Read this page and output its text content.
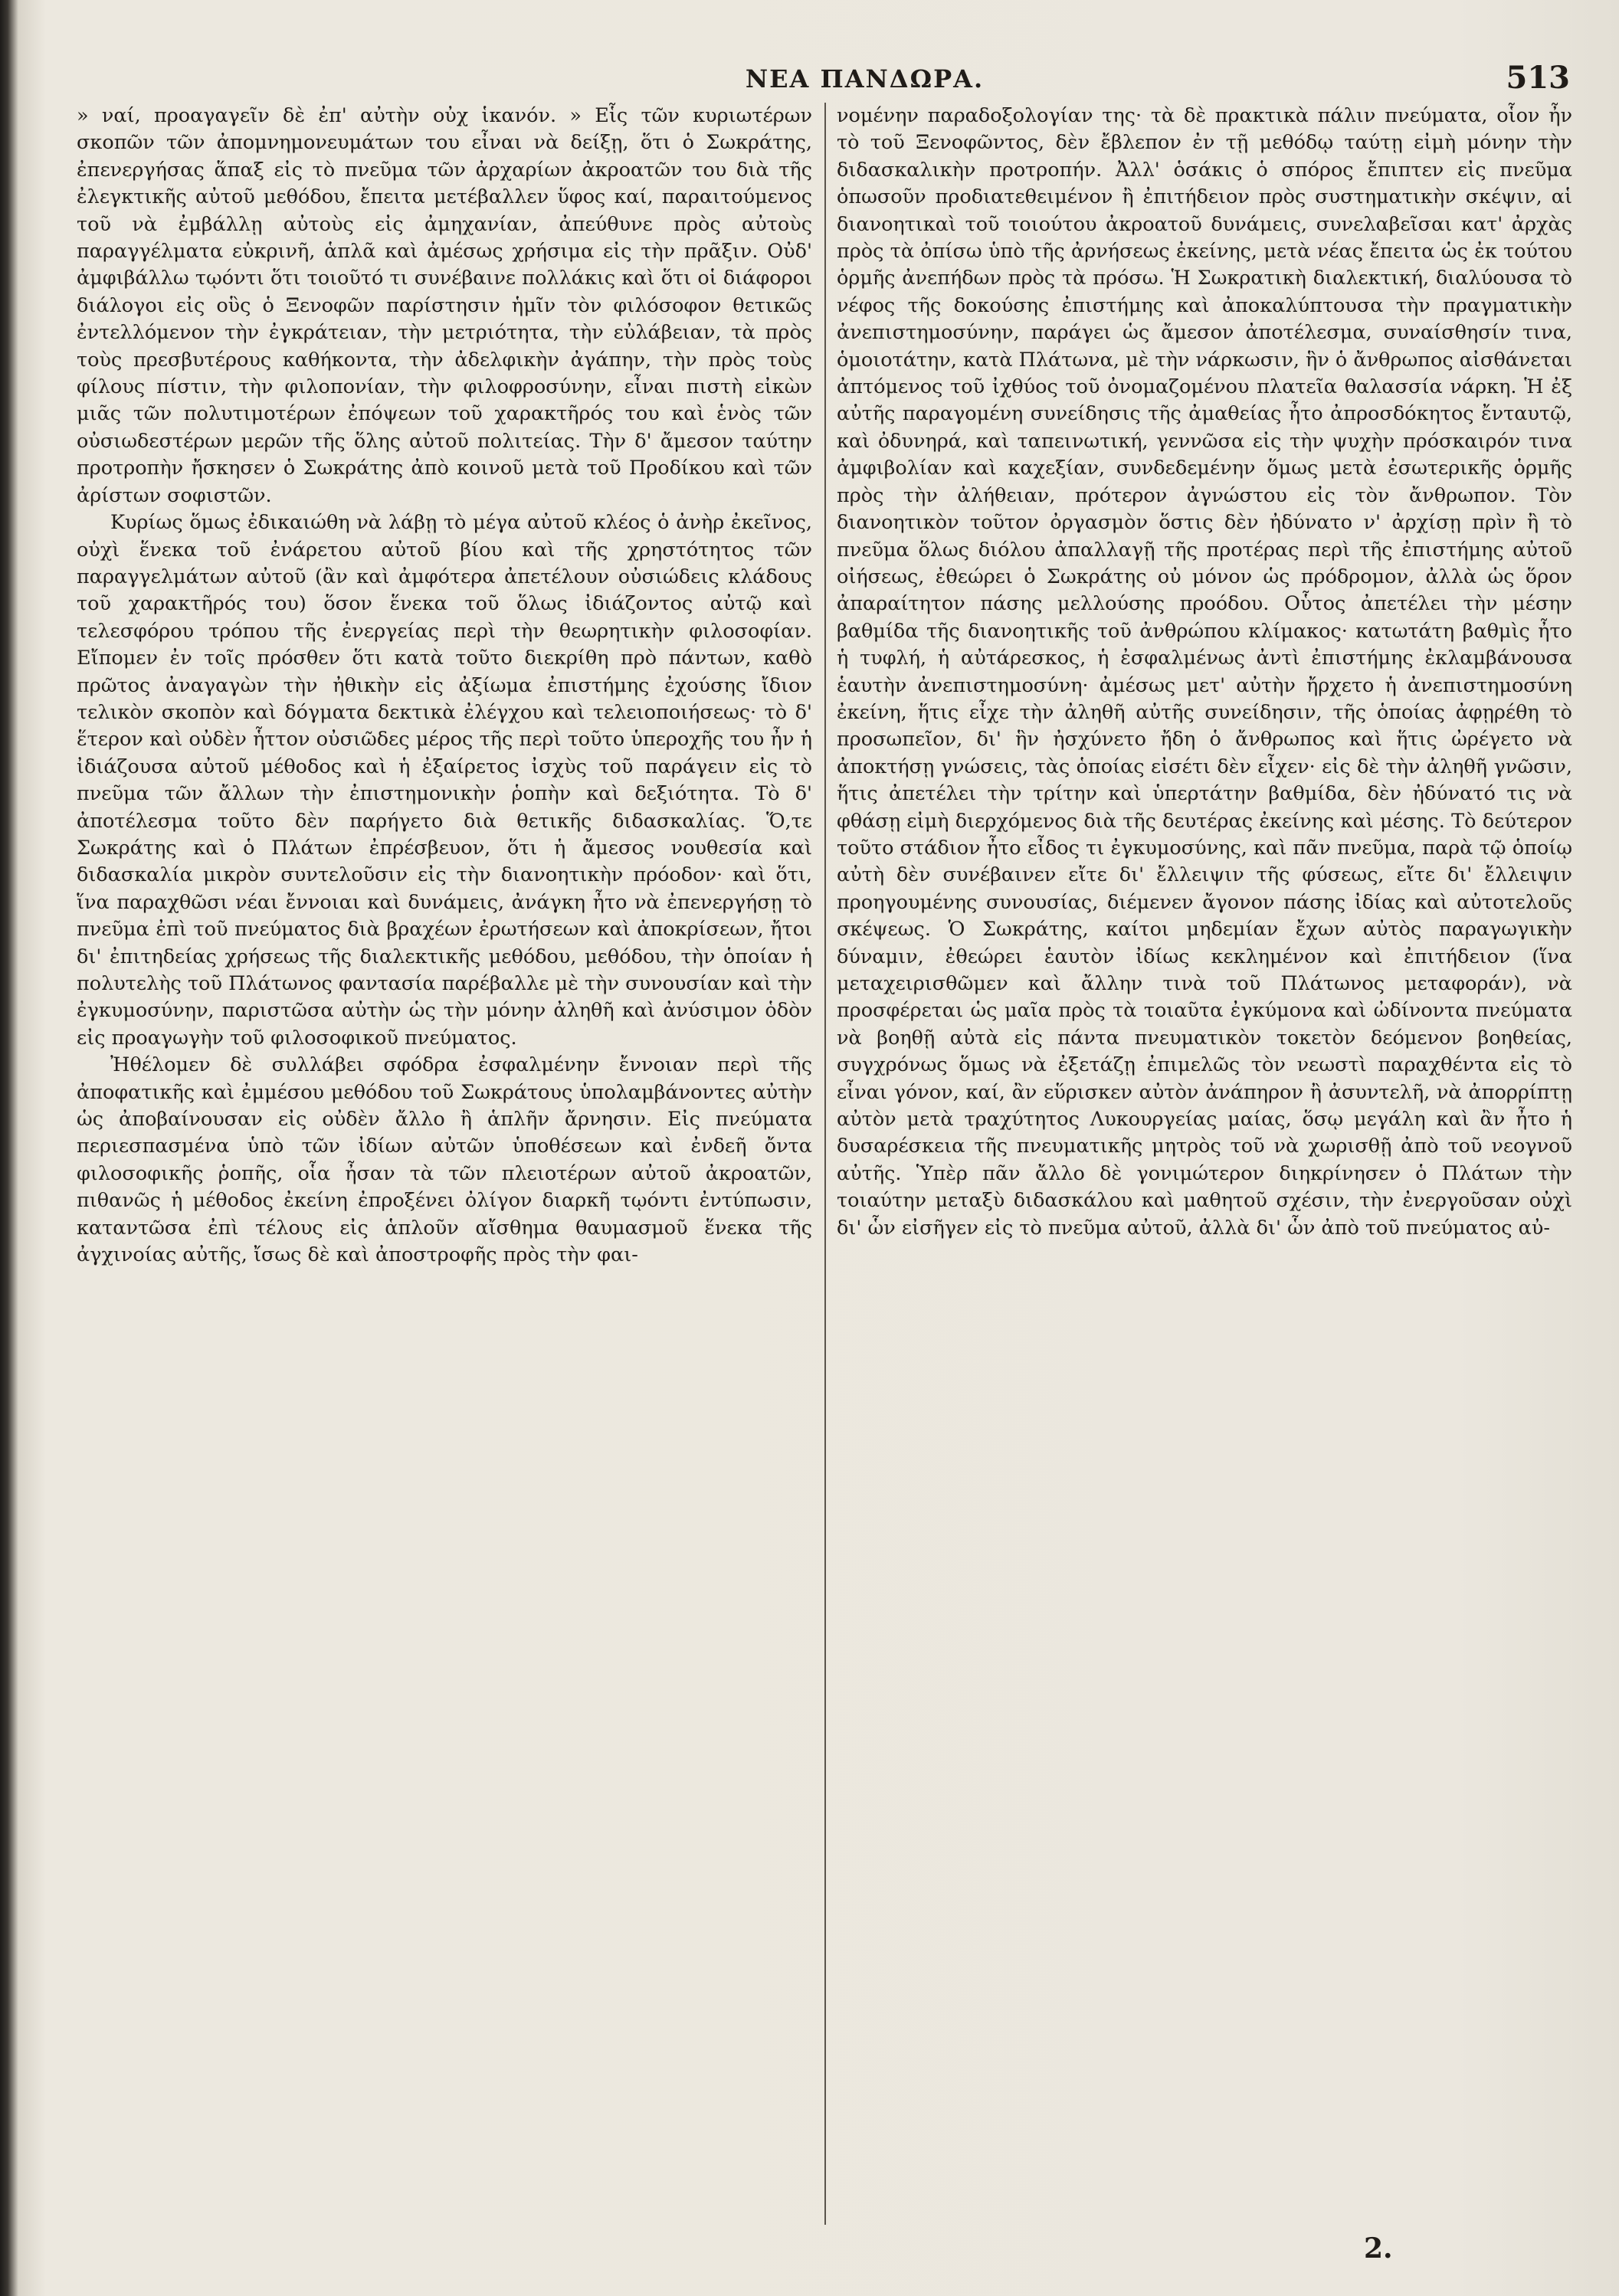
ΝΕΑ ΠΑΝΔΩΡΑ.	513

» ναί, προαγαγεῖν δὲ ἐπ' αὐτὴν οὐχ ἱκανόν. » Εἷς τῶν κυριωτέρων σκοπῶν τῶν ἀπομνημονευμάτων του εἶναι νὰ δείξῃ, ὅτι ὁ Σωκράτης, ἐπενεργήσας ἅπαξ εἰς τὸ πνεῦμα τῶν ἀρχαρίων ἀκροατῶν του διὰ τῆς ἐλεγκτικῆς αὐτοῦ μεθόδου, ἔπειτα μετέβαλλεν ὕφος καί, παραιτούμενος τοῦ νὰ ἐμβάλλῃ αὐτοὺς εἰς ἀμηχανίαν, ἀπεύθυνε πρὸς αὐτοὺς παραγγέλματα εὐκρινῆ, ἁπλᾶ καὶ ἀμέσως χρήσιμα εἰς τὴν πρᾶξιν. Οὐδ' ἀμφιβάλλω τῳόντι ὅτι τοιοῦτό τι συνέβαινε πολλάκις καὶ ὅτι οἱ διάφοροι διάλογοι εἰς οὓς ὁ Ξενοφῶν παρίστησιν ἡμῖν τὸν φιλόσοφον θετικῶς ἐντελλόμενον τὴν ἐγκράτειαν, τὴν μετριότητα, τὴν εὐλάβειαν, τὰ πρὸς τοὺς πρεσβυτέρους καθήκοντα, τὴν ἀδελφικὴν ἀγάπην, τὴν πρὸς τοὺς φίλους πίστιν, τὴν φιλοπονίαν, τὴν φιλοφροσύνην, εἶναι πιστὴ εἰκὼν μιᾶς τῶν πολυτιμοτέρων ἐπόψεων τοῦ χαρακτῆρός του καὶ ἑνὸς τῶν οὐσιωδεστέρων μερῶν τῆς ὅλης αὐτοῦ πολιτείας. Τὴν δ' ἄμεσον ταύτην προτροπὴν ἤσκησεν ὁ Σωκράτης ἀπὸ κοινοῦ μετὰ τοῦ Προδίκου καὶ τῶν ἀρίστων σοφιστῶν.

Κυρίως ὅμως ἐδικαιώθη νὰ λάβῃ τὸ μέγα αὐτοῦ κλέος ὁ ἀνὴρ ἐκεῖνος, οὐχὶ ἕνεκα τοῦ ἐνάρετου αὐτοῦ βίου καὶ τῆς χρηστότητος τῶν παραγγελμάτων αὐτοῦ (ἂν καὶ ἀμφότερα ἀπετέλουν οὐσιώδεις κλάδους τοῦ χαρακτῆρός του) ὅσον ἕνεκα τοῦ ὅλως ἰδιάζοντος αὐτῷ καὶ τελεσφόρου τρόπου τῆς ἐνεργείας περὶ τὴν θεωρητικὴν φιλοσοφίαν. Εἴπομεν ἐν τοῖς πρόσθεν ὅτι κατὰ τοῦτο διεκρίθη πρὸ πάντων, καθὸ πρῶτος ἀναγαγὼν τὴν ἠθικὴν εἰς ἀξίωμα ἐπιστήμης ἐχούσης ἴδιον τελικὸν σκοπὸν καὶ δόγματα δεκτικὰ ἐλέγχου καὶ τελειοποιήσεως· τὸ δ' ἕτερον καὶ οὐδὲν ἧττον οὐσιῶδες μέρος τῆς περὶ τοῦτο ὑπεροχῆς του ἦν ἡ ἰδιάζουσα αὐτοῦ μέθοδος καὶ ἡ ἐξαίρετος ἰσχὺς τοῦ παράγειν εἰς τὸ πνεῦμα τῶν ἄλλων τὴν ἐπιστημονικὴν ῥοπὴν καὶ δεξιότητα. Τὸ δ' ἀποτέλεσμα τοῦτο δὲν παρήγετο διὰ θετικῆς διδασκαλίας. Ὅ,τε Σωκράτης καὶ ὁ Πλάτων ἐπρέσβευον, ὅτι ἡ ἄμεσος νουθεσία καὶ διδασκαλία μικρὸν συντελοῦσιν εἰς τὴν διανοητικὴν πρόοδον· καὶ ὅτι, ἵνα παραχθῶσι νέαι ἔννοιαι καὶ δυνάμεις, ἀνάγκη ἦτο νὰ ἐπενεργήσῃ τὸ πνεῦμα ἐπὶ τοῦ πνεύματος διὰ βραχέων ἐρωτήσεων καὶ ἀποκρίσεων, ἤτοι δι' ἐπιτηδείας χρήσεως τῆς διαλεκτικῆς μεθόδου, μεθόδου, τὴν ὁποίαν ἡ πολυτελὴς τοῦ Πλάτωνος φαντασία παρέβαλλε μὲ τὴν συνουσίαν καὶ τὴν ἐγκυμοσύνην, παριστῶσα αὐτὴν ὡς τὴν μόνην ἀληθῆ καὶ ἀνύσιμον ὁδὸν εἰς προαγωγὴν τοῦ φιλοσοφικοῦ πνεύματος.

Ἠθέλομεν δὲ συλλάβει σφόδρα ἐσφαλμένην ἔννοιαν περὶ τῆς ἀποφατικῆς καὶ ἐμμέσου μεθόδου τοῦ Σωκράτους ὑπολαμβάνοντες αὐτὴν ὡς ἀποβαίνουσαν εἰς οὐδὲν ἄλλο ἢ ἁπλῆν ἄρνησιν. Εἰς πνεύματα περιεσπασμένα ὑπὸ τῶν ἰδίων αὐτῶν ὑποθέσεων καὶ ἐνδεῆ ὄντα φιλοσοφικῆς ῥοπῆς, οἷα ἦσαν τὰ τῶν πλειοτέρων αὐτοῦ ἀκροατῶν, πιθανῶς ἡ μέθοδος ἐκείνη ἐπροξένει ὀλίγον διαρκῆ τῳόντι ἐντύπωσιν, καταντῶσα ἐπὶ τέλους εἰς ἁπλοῦν αἴσθημα θαυμασμοῦ ἕνεκα τῆς ἀγχινοίας αὐτῆς, ἴσως δὲ καὶ ἀποστροφῆς πρὸς τὴν φαι-

νομένην παραδοξολογίαν της· τὰ δὲ πρακτικὰ πάλιν πνεύματα, οἷον ἦν τὸ τοῦ Ξενοφῶντος, δὲν ἔβλεπον ἐν τῇ μεθόδῳ ταύτῃ εἰμὴ μόνην τὴν διδασκαλικὴν προτροπήν. Ἀλλ' ὁσάκις ὁ σπόρος ἔπιπτεν εἰς πνεῦμα ὁπωσοῦν προδιατεθειμένον ἢ ἐπιτήδειον πρὸς συστηματικὴν σκέψιν, αἱ διανοητικαὶ τοῦ τοιούτου ἀκροατοῦ δυνάμεις, συνελαβεῖσαι κατ' ἀρχὰς πρὸς τὰ ὀπίσω ὑπὸ τῆς ἀρνήσεως ἐκείνης, μετὰ νέας ἔπειτα ὡς ἐκ τούτου ὁρμῆς ἀνεπήδων πρὸς τὰ πρόσω. Ἡ Σωκρατικὴ διαλεκτική, διαλύουσα τὸ νέφος τῆς δοκούσης ἐπιστήμης καὶ ἀποκαλύπτουσα τὴν πραγματικὴν ἀνεπιστημοσύνην, παράγει ὡς ἄμεσον ἀποτέλεσμα, συναίσθησίν τινα, ὁμοιοτάτην, κατὰ Πλάτωνα, μὲ τὴν νάρκωσιν, ἣν ὁ ἄνθρωπος αἰσθάνεται ἀπτόμενος τοῦ ἰχθύος τοῦ ὀνομαζομένου πλατεῖα θαλασσία νάρκη. Ἡ ἐξ αὐτῆς παραγομένη συνείδησις τῆς ἀμαθείας ἦτο ἀπροσδόκητος ἔνταυτῷ, καὶ ὀδυνηρά, καὶ ταπεινωτική, γεννῶσα εἰς τὴν ψυχὴν πρόσκαιρόν τινα ἀμφιβολίαν καὶ καχεξίαν, συνδεδεμένην ὅμως μετὰ ἐσωτερικῆς ὁρμῆς πρὸς τὴν ἀλήθειαν, πρότερον ἀγνώστου εἰς τὸν ἄνθρωπον. Τὸν διανοητικὸν τοῦτον ὀργασμὸν ὅστις δὲν ἠδύνατο ν' ἀρχίσῃ πρὶν ἢ τὸ πνεῦμα ὅλως διόλου ἀπαλλαγῇ τῆς προτέρας περὶ τῆς ἐπιστήμης αὐτοῦ οἰήσεως, ἐθεώρει ὁ Σωκράτης οὐ μόνον ὡς πρόδρομον, ἀλλὰ ὡς ὅρον ἀπαραίτητον πάσης μελλούσης προόδου. Οὗτος ἀπετέλει τὴν μέσην βαθμίδα τῆς διανοητικῆς τοῦ ἀνθρώπου κλίμακος· κατωτάτη βαθμὶς ἦτο ἡ τυφλή, ἡ αὐτάρεσκος, ἡ ἐσφαλμένως ἀντὶ ἐπιστήμης ἐκλαμβάνουσα ἑαυτὴν ἀνεπιστημοσύνη· ἀμέσως μετ' αὐτὴν ἤρχετο ἡ ἀνεπιστημοσύνη ἐκείνη, ἥτις εἶχε τὴν ἀληθῆ αὐτῆς συνείδησιν, τῆς ὁποίας ἀφῃρέθη τὸ προσωπεῖον, δι' ἣν ἠσχύνετο ἤδη ὁ ἄνθρωπος καὶ ἥτις ὠρέγετο νὰ ἀποκτήσῃ γνώσεις, τὰς ὁποίας εἰσέτι δὲν εἶχεν· εἰς δὲ τὴν ἀληθῆ γνῶσιν, ἥτις ἀπετέλει τὴν τρίτην καὶ ὑπερτάτην βαθμίδα, δὲν ἠδύνατό τις νὰ φθάσῃ εἰμὴ διερχόμενος διὰ τῆς δευτέρας ἐκείνης καὶ μέσης. Τὸ δεύτερον τοῦτο στάδιον ἦτο εἶδος τι ἐγκυμοσύνης, καὶ πᾶν πνεῦμα, παρὰ τῷ ὁποίῳ αὐτὴ δὲν συνέβαινεν εἴτε δι' ἔλλειψιν τῆς φύσεως, εἴτε δι' ἔλλειψιν προηγουμένης συνουσίας, διέμενεν ἄγονον πάσης ἰδίας καὶ αὐτοτελοῦς σκέψεως. Ὁ Σωκράτης, καίτοι μηδεμίαν ἔχων αὐτὸς παραγωγικὴν δύναμιν, ἐθεώρει ἑαυτὸν ἰδίως κεκλημένον καὶ ἐπιτήδειον (ἵνα μεταχειρισθῶμεν καὶ ἄλλην τινὰ τοῦ Πλάτωνος μεταφοράν), νὰ προσφέρεται ὡς μαῖα πρὸς τὰ τοιαῦτα ἐγκύμονα καὶ ὠδίνοντα πνεύματα νὰ βοηθῇ αὐτὰ εἰς πάντα πνευματικὸν τοκετὸν δεόμενον βοηθείας, συγχρόνως ὅμως νὰ ἐξετάζῃ ἐπιμελῶς τὸν νεωστὶ παραχθέντα εἰς τὸ εἶναι γόνον, καί, ἂν εὕρισκεν αὐτὸν ἀνάπηρον ἢ ἀσυντελῆ, νὰ ἀπορρίπτῃ αὐτὸν μετὰ τραχύτητος Λυκουργείας μαίας, ὅσῳ μεγάλη καὶ ἂν ἦτο ἡ δυσαρέσκεια τῆς πνευματικῆς μητρὸς τοῦ νὰ χωρισθῇ ἀπὸ τοῦ νεογνοῦ αὐτῆς. Ὑπὲρ πᾶν ἄλλο δὲ γονιμώτερον διηκρίνησεν ὁ Πλάτων τὴν τοιαύτην μεταξὺ διδασκάλου καὶ μαθητοῦ σχέσιν, τὴν ἐνεργοῦσαν οὐχὶ δι' ὧν εἰσῆγεν εἰς τὸ πνεῦμα αὐτοῦ, ἀλλὰ δι' ὧν ἀπὸ τοῦ πνεύματος αὐ-

2.
